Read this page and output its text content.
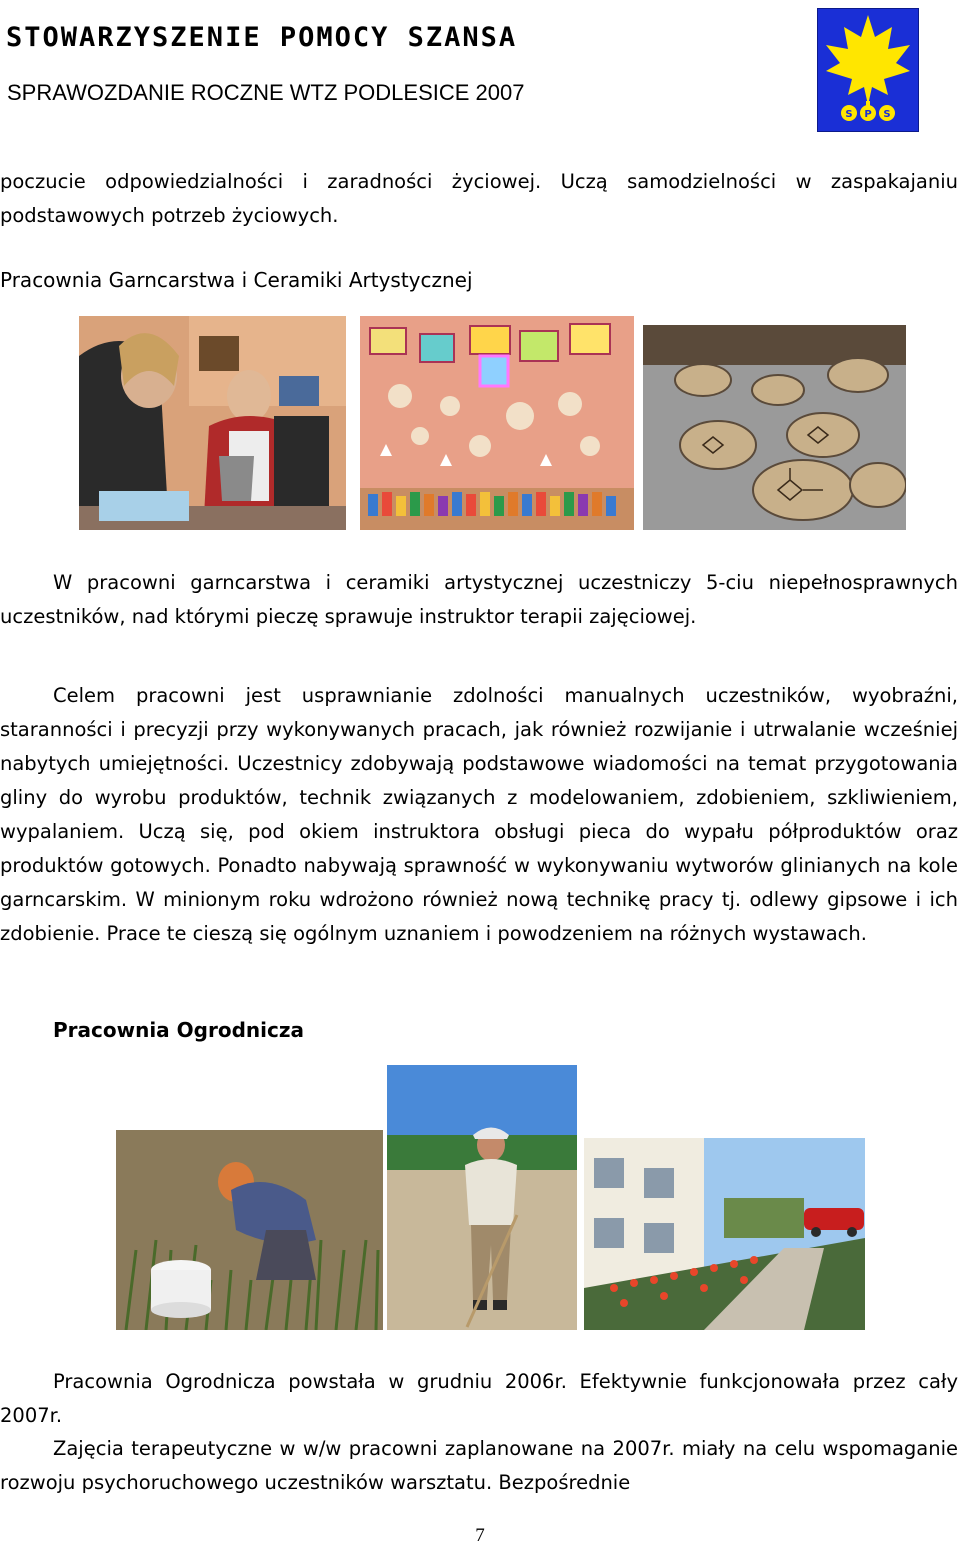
STOWARZYSZENIE POMOCY SZANSA
SPRAWOZDANIE ROCZNE WTZ PODLESICE 2007
S P S

poczucie odpowiedzialności i zaradności życiowej. Uczą samodzielności w zaspakajaniu podstawowych potrzeb życiowych.

Pracownia Garncarstwa i Ceramiki Artystycznej

W pracowni garncarstwa i ceramiki artystycznej uczestniczy 5-ciu niepełnosprawnych uczestników, nad którymi pieczę sprawuje instruktor terapii zajęciowej.

Celem pracowni jest usprawnianie zdolności manualnych uczestników, wyobraźni, staranności i precyzji przy wykonywanych pracach, jak również rozwijanie i utrwalanie wcześniej nabytych umiejętności. Uczestnicy zdobywają podstawowe wiadomości na temat przygotowania gliny do wyrobu produktów, technik związanych z modelowaniem, zdobieniem, szkliwieniem, wypalaniem. Uczą się, pod okiem instruktora obsługi pieca do wypału półproduktów oraz produktów gotowych. Ponadto nabywają sprawność w wykonywaniu wytworów glinianych na kole garncarskim. W minionym roku wdrożono również nową technikę pracy tj. odlewy gipsowe i ich zdobienie. Prace te cieszą się ogólnym uznaniem i powodzeniem na różnych wystawach.

Pracownia Ogrodnicza

Pracownia Ogrodnicza powstała w grudniu 2006r. Efektywnie funkcjonowała przez cały 2007r.

Zajęcia terapeutyczne w w/w pracowni zaplanowane na 2007r. miały na celu wspomaganie rozwoju psychoruchowego uczestników warsztatu. Bezpośrednie

7
